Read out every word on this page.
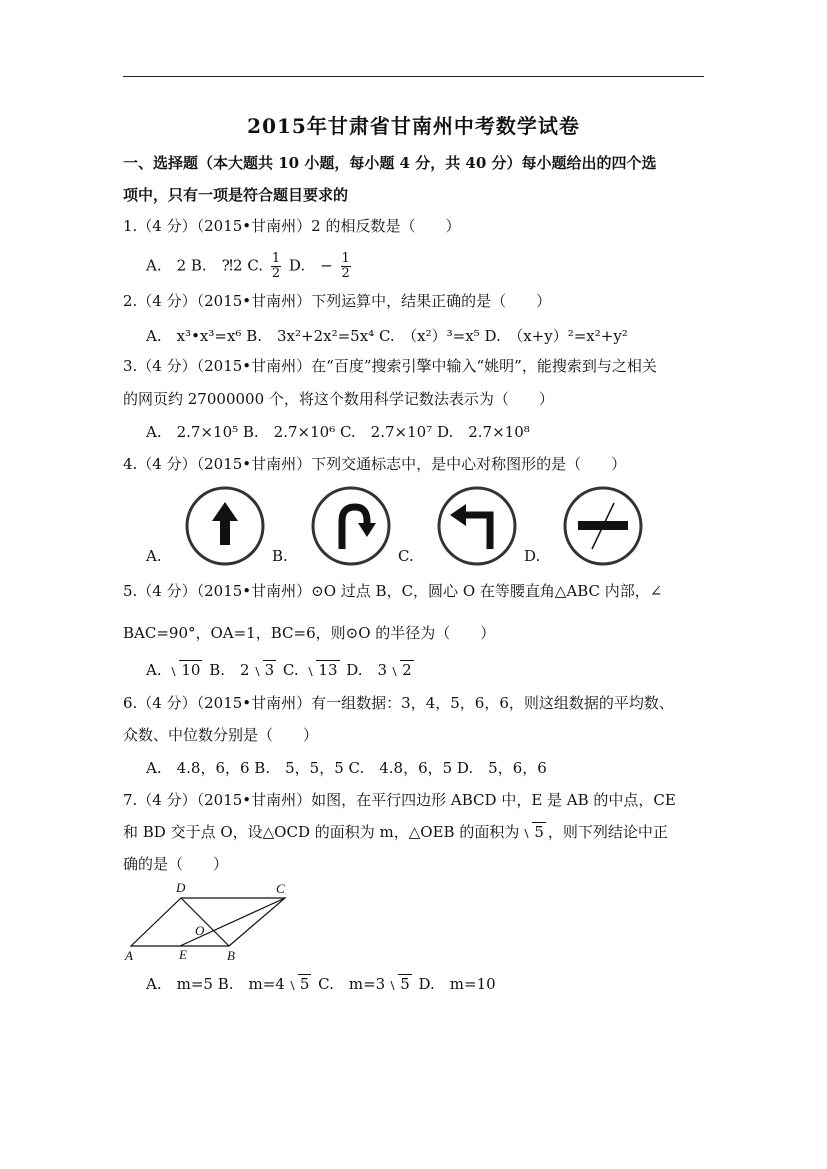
2015年甘肃省甘南州中考数学试卷
一、选择题（本大题共 10 小题，每小题 4 分，共 40 分）每小题给出的四个选
项中，只有一项是符合题目要求的
1.（4 分）（2015•甘南州）2 的相反数是（　　）
A.　2 B.　⁈2 C. $\frac{1}{2} D$.　− $\frac{1}{2}$
2.（4 分）（2015•甘南州）下列运算中，结果正确的是（　　）
A.　x³•x³=x⁶ B.　3x²+2x²=5x⁴ C.　（x²）³=x⁵ D.　（x+y）²=x²+y²
3.（4 分）（2015•甘南州）在“百度”搜索引擎中输入“姚明”，能搜索到与之相关
的网页约 27000000 个，将这个数用科学记数法表示为（　　）
A.　2.7×10⁵ B.　2.7×10⁶ C.　2.7×10⁷ D.　2.7×10⁸
4.（4 分）（2015•甘南州）下列交通标志中，是中心对称图形的是（　　）
A.	B.	C.	D.
5.（4 分）（2015•甘南州）⊙O 过点 B，C，圆心 O 在等腰直角△ABC 内部，∠
BAC=90°，OA=1，BC=6，则⊙O 的半径为（　　）
A. 10 B.　2 3 C. 13 D.　3 2
6.（4 分）（2015•甘南州）有一组数据：3，4，5，6，6，则这组数据的平均数、
众数、中位数分别是（　　）
A.　4.8，6，6 B.　5，5，5 C.　4.8，6，5 D.　5，6，6
7.（4 分）（2015•甘南州）如图，在平行四边形 ABCD 中，E 是 AB 的中点，CE
和 BD 交于点 O，设△OCD 的面积为 m，△OEB 的面积为 5 ，则下列结论中正
确的是（　　）
D	C
O
A	E	B
A.　m=5 B.　m=4 5 C.　m=3 5 D.　m=10
